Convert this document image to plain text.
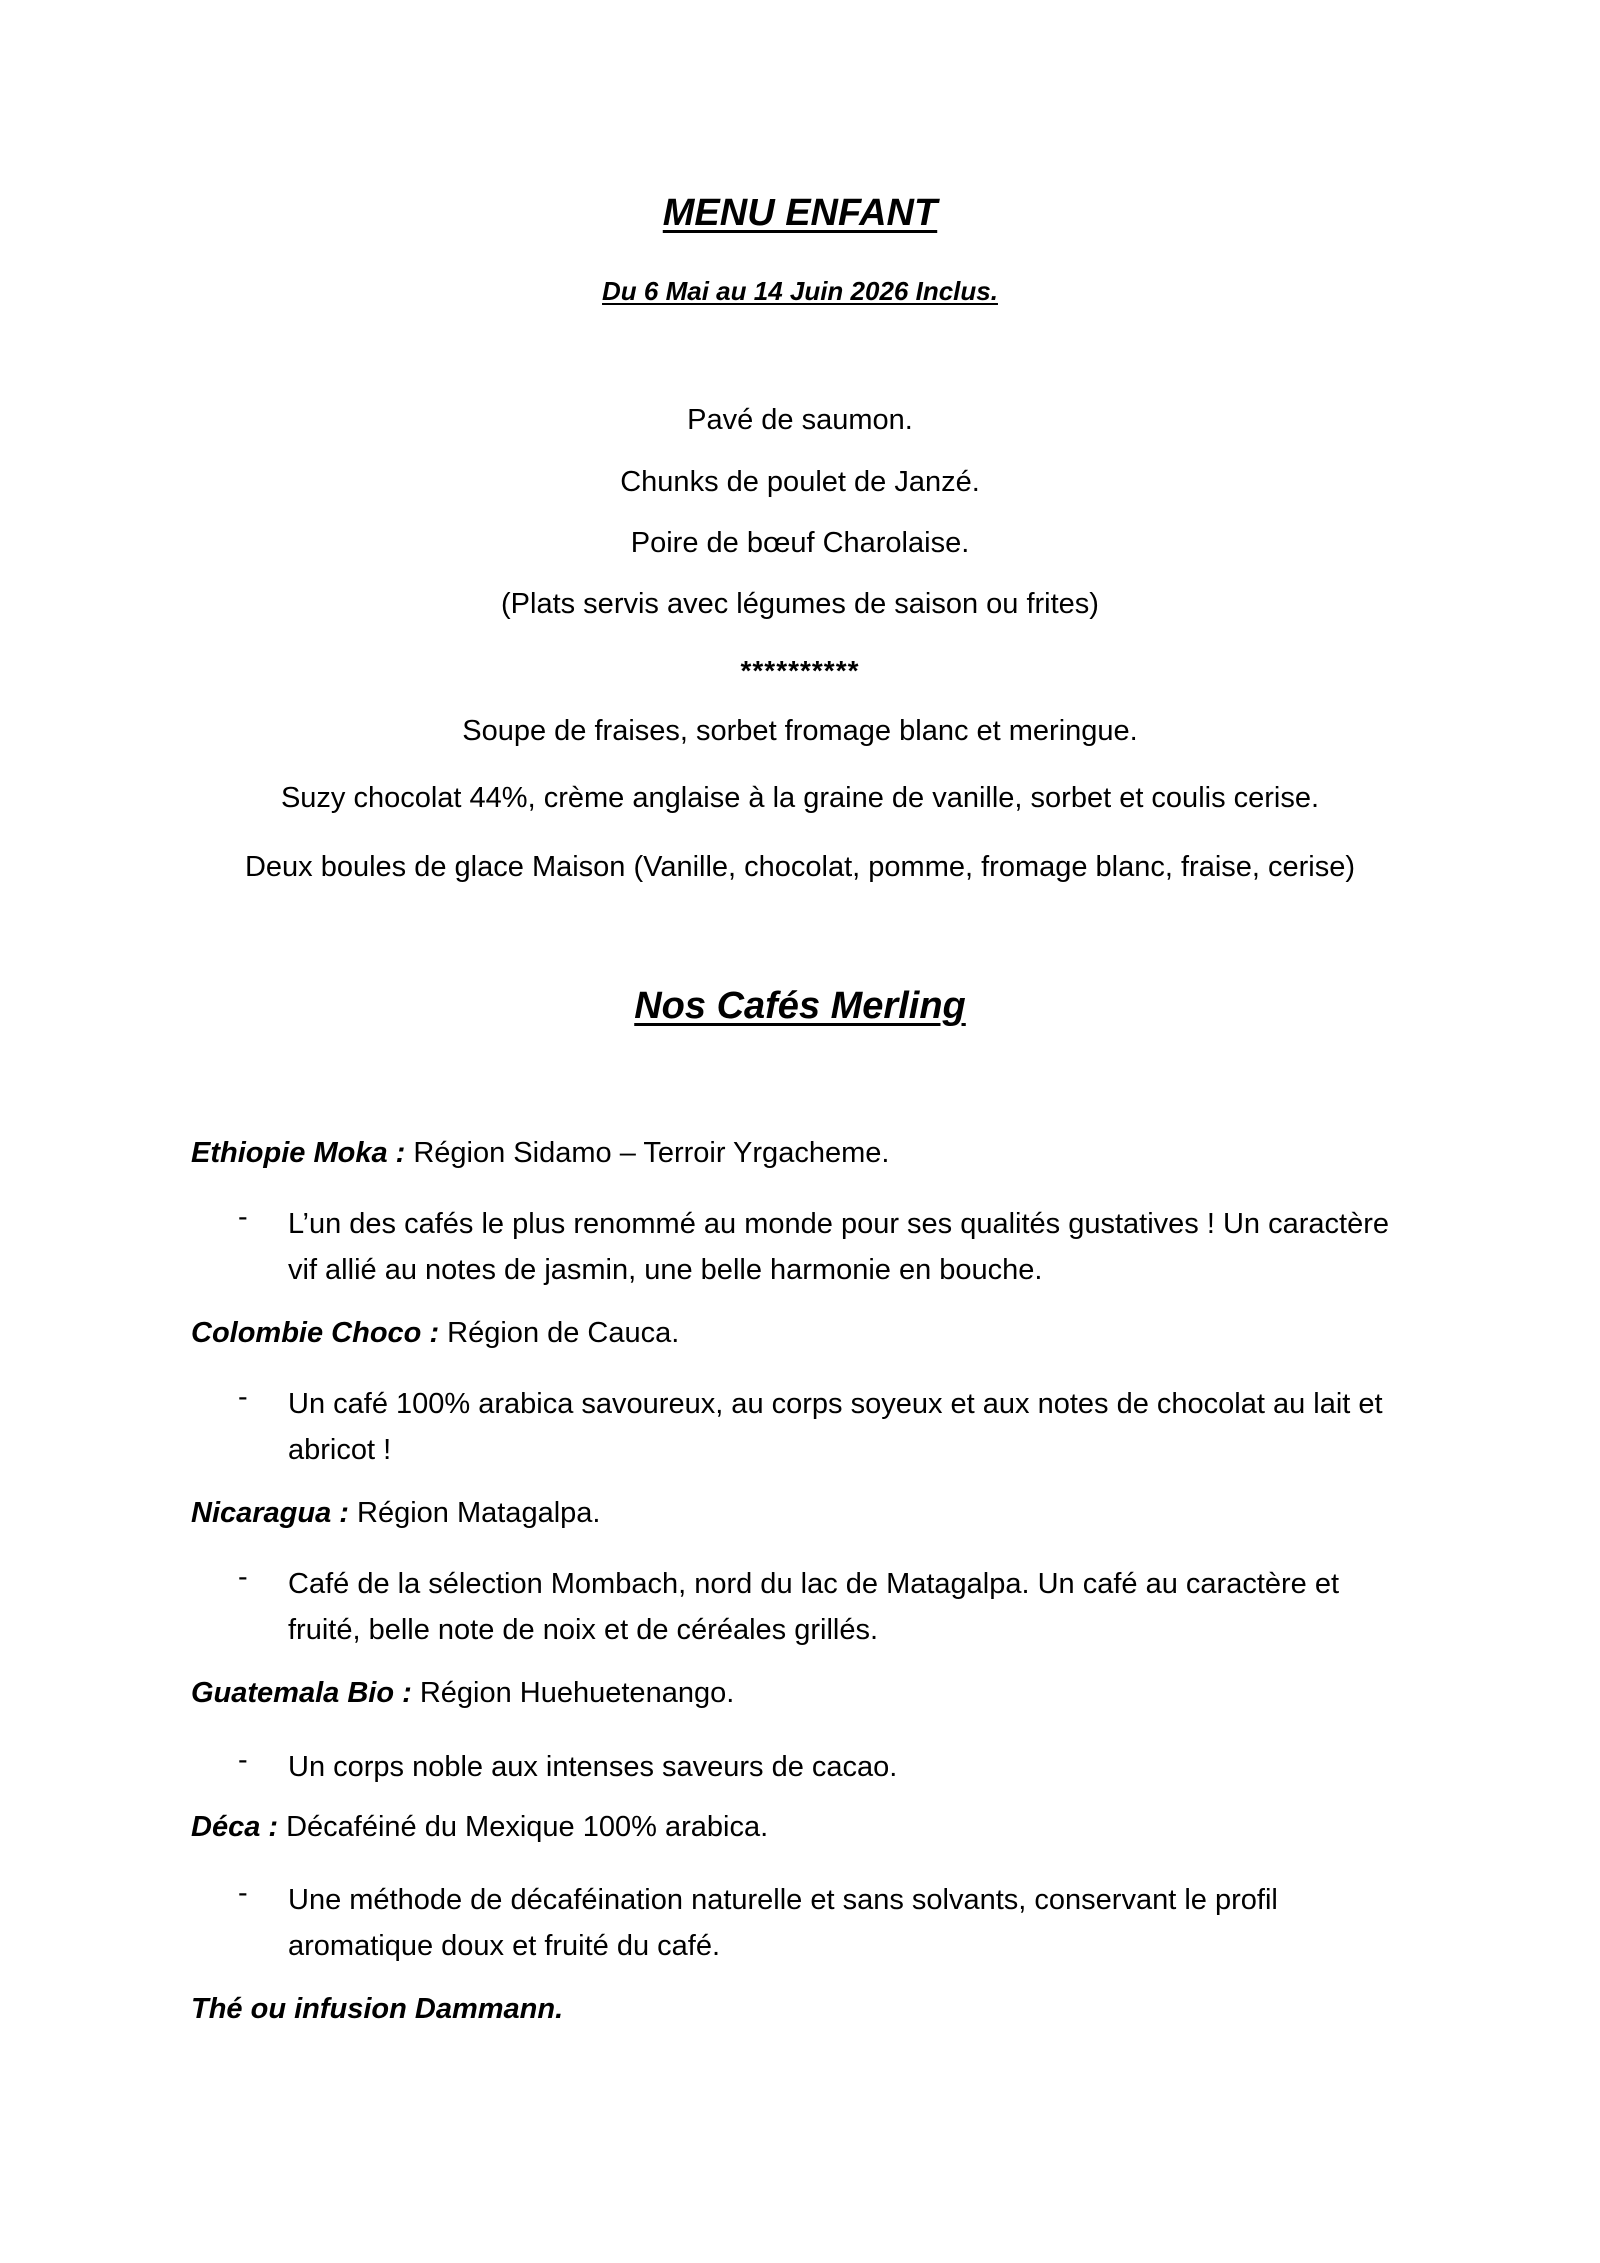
MENU ENFANT
Du 6 Mai au 14 Juin 2026 Inclus.
Pavé de saumon.
Chunks de poulet de Janzé.
Poire de bœuf Charolaise.
(Plats servis avec légumes de saison ou frites)
**********
Soupe de fraises, sorbet fromage blanc et meringue.
Suzy chocolat 44%, crème anglaise à la graine de vanille, sorbet et coulis cerise.
Deux boules de glace Maison (Vanille, chocolat, pomme, fromage blanc, fraise, cerise)
Nos Cafés Merling
Ethiopie Moka : Région Sidamo – Terroir Yrgacheme.
- L’un des cafés le plus renommé au monde pour ses qualités gustatives ! Un caractère vif allié au notes de jasmin, une belle harmonie en bouche.
Colombie Choco : Région de Cauca.
- Un café 100% arabica savoureux, au corps soyeux et aux notes de chocolat au lait et abricot !
Nicaragua : Région Matagalpa.
- Café de la sélection Mombach, nord du lac de Matagalpa. Un café au caractère et fruité, belle note de noix et de céréales grillés.
Guatemala Bio : Région Huehuetenango.
- Un corps noble aux intenses saveurs de cacao.
Déca : Décaféiné du Mexique 100% arabica.
- Une méthode de décaféination naturelle et sans solvants, conservant le profil aromatique doux et fruité du café.
Thé ou infusion Dammann.
